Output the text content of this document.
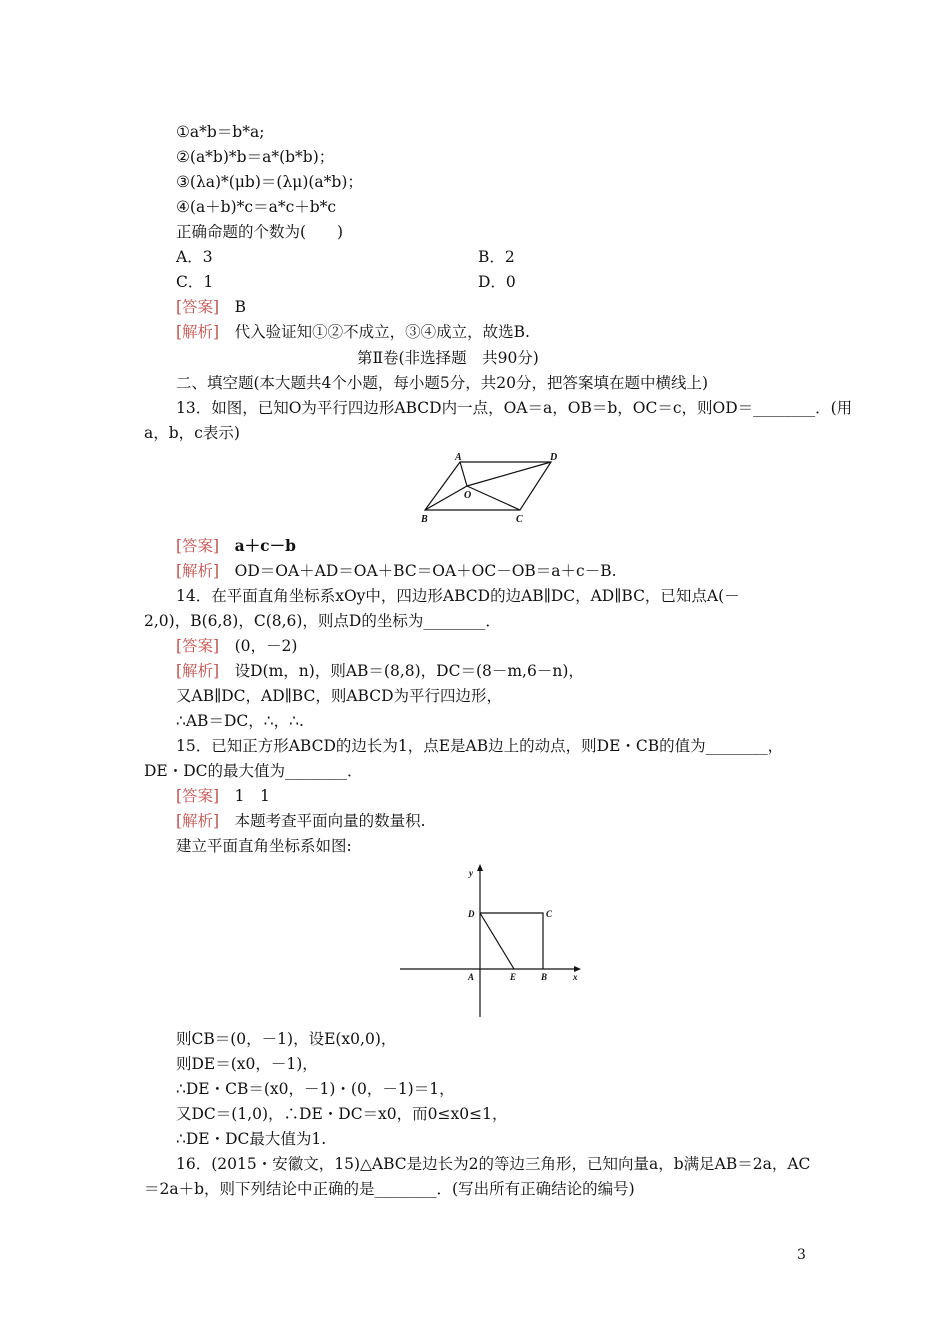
①a*b＝b*a;
②(a*b)*b＝a*(b*b)；
③(λa)*(μb)＝(λμ)(a*b)；
④(a＋b)*c＝a*c＋b*c
正确命题的个数为(　　)
A．3	B．2
C．1	D．0
[答案]　 B
[解析]　 代入验证知①②不成立，③④成立，故选B.
第Ⅱ卷(非选择题　共90分)
二、填空题(本大题共4个小题，每小题5分，共20分，把答案填在题中横线上)
13．如图，已知O为平行四边形ABCD内一点，OA＝a，OB＝b，OC＝c，则OD＝________．(用
a，b，c表示)
A	D
O
B	C
[答案]　 a＋c－b
[解析]　 OD＝OA＋AD＝OA＋BC＝OA＋OC－OB＝a＋c－B.
14．在平面直角坐标系xOy中，四边形ABCD的边AB∥DC，AD∥BC，已知点A(－
2,0)，B(6,8)，C(8,6)，则点D的坐标为________．
[答案]　 (0，－2)
[解析]　 设D(m，n)，则AB＝(8,8)，DC＝(8－m,6－n)，
又AB∥DC，AD∥BC，则ABCD为平行四边形，
∴AB＝DC，∴，∴.
15．已知正方形ABCD的边长为1，点E是AB边上的动点，则DE・CB的值为________，
DE・DC的最大值为________．
[答案]　 1　1
[解析]　 本题考查平面向量的数量积.
建立平面直角坐标系如图:
y
x
D	C
A	E	B
则CB＝(0，－1)，设E(x0,0)，
则DE＝(x0，－1)，
∴DE・CB＝(x0，－1)・(0，－1)＝1，
又DC＝(1,0)，∴DE・DC＝x0，而0≤x0≤1，
∴DE・DC最大值为1.
16．(2015・安徽文，15)△ABC是边长为2的等边三角形，已知向量a，b满足AB＝2a，AC
＝2a＋b，则下列结论中正确的是________．(写出所有正确结论的编号)
3
